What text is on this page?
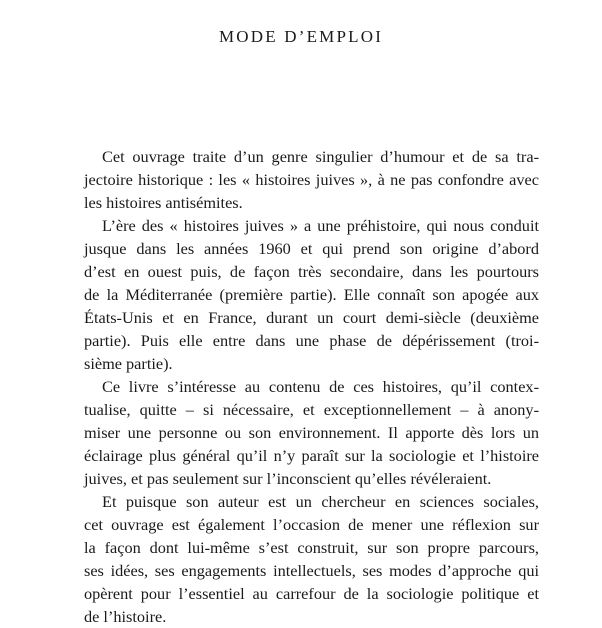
MODE D’EMPLOI
Cet ouvrage traite d’un genre singulier d’humour et de sa tra-
jectoire historique : les « histoires juives », à ne pas confondre avec
les histoires antisémites.
L’ère des « histoires juives » a une préhistoire, qui nous conduit
jusque dans les années 1960 et qui prend son origine d’abord
d’est en ouest puis, de façon très secondaire, dans les pourtours
de la Méditerranée (première partie). Elle connaît son apogée aux
États-Unis et en France, durant un court demi-siècle (deuxième
partie). Puis elle entre dans une phase de dépérissement (troi-
sième partie).
Ce livre s’intéresse au contenu de ces histoires, qu’il contex-
tualise, quitte – si nécessaire, et exceptionnellement – à anony-
miser une personne ou son environnement. Il apporte dès lors un
éclairage plus général qu’il n’y paraît sur la sociologie et l’histoire
juives, et pas seulement sur l’inconscient qu’elles révéleraient.
Et puisque son auteur est un chercheur en sciences sociales,
cet ouvrage est également l’occasion de mener une réflexion sur
la façon dont lui-même s’est construit, sur son propre parcours,
ses idées, ses engagements intellectuels, ses modes d’approche qui
opèrent pour l’essentiel au carrefour de la sociologie politique et
de l’histoire.
